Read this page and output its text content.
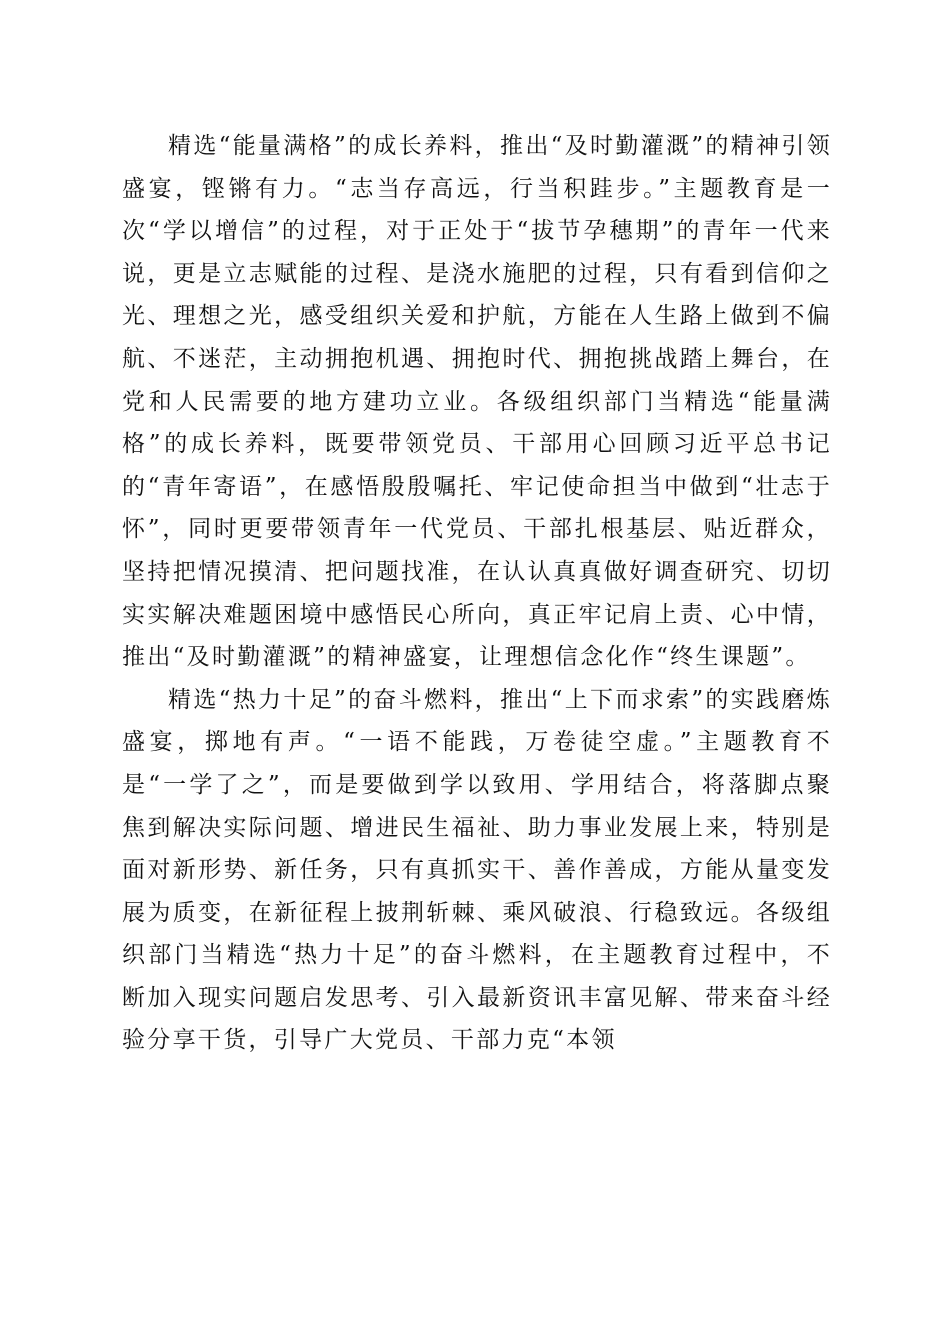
精选“能量满格”的成长养料，推出“及时勤灌溉”的精神引领盛宴，铿锵有力。“志当存高远，行当积跬步。”主题教育是一次“学以增信”的过程，对于正处于“拔节孕穗期”的青年一代来说，更是立志赋能的过程、是浇水施肥的过程，只有看到信仰之光、理想之光，感受组织关爱和护航，方能在人生路上做到不偏航、不迷茫，主动拥抱机遇、拥抱时代、拥抱挑战踏上舞台，在党和人民需要的地方建功立业。各级组织部门当精选“能量满格”的成长养料，既要带领党员、干部用心回顾习近平总书记的“青年寄语”，在感悟殷殷嘱托、牢记使命担当中做到“壮志于怀”，同时更要带领青年一代党员、干部扎根基层、贴近群众，坚持把情况摸清、把问题找准，在认认真真做好调查研究、切切实实解决难题困境中感悟民心所向，真正牢记肩上责、心中情，推出“及时勤灌溉”的精神盛宴，让理想信念化作“终生课题”。

精选“热力十足”的奋斗燃料，推出“上下而求索”的实践磨炼盛宴，掷地有声。“一语不能践，万卷徒空虚。”主题教育不是“一学了之”，而是要做到学以致用、学用结合，将落脚点聚焦到解决实际问题、增进民生福祉、助力事业发展上来，特别是面对新形势、新任务，只有真抓实干、善作善成，方能从量变发展为质变，在新征程上披荆斩棘、乘风破浪、行稳致远。各级组织部门当精选“热力十足”的奋斗燃料，在主题教育过程中，不断加入现实问题启发思考、引入最新资讯丰富见解、带来奋斗经验分享干货，引导广大党员、干部力克“本领
